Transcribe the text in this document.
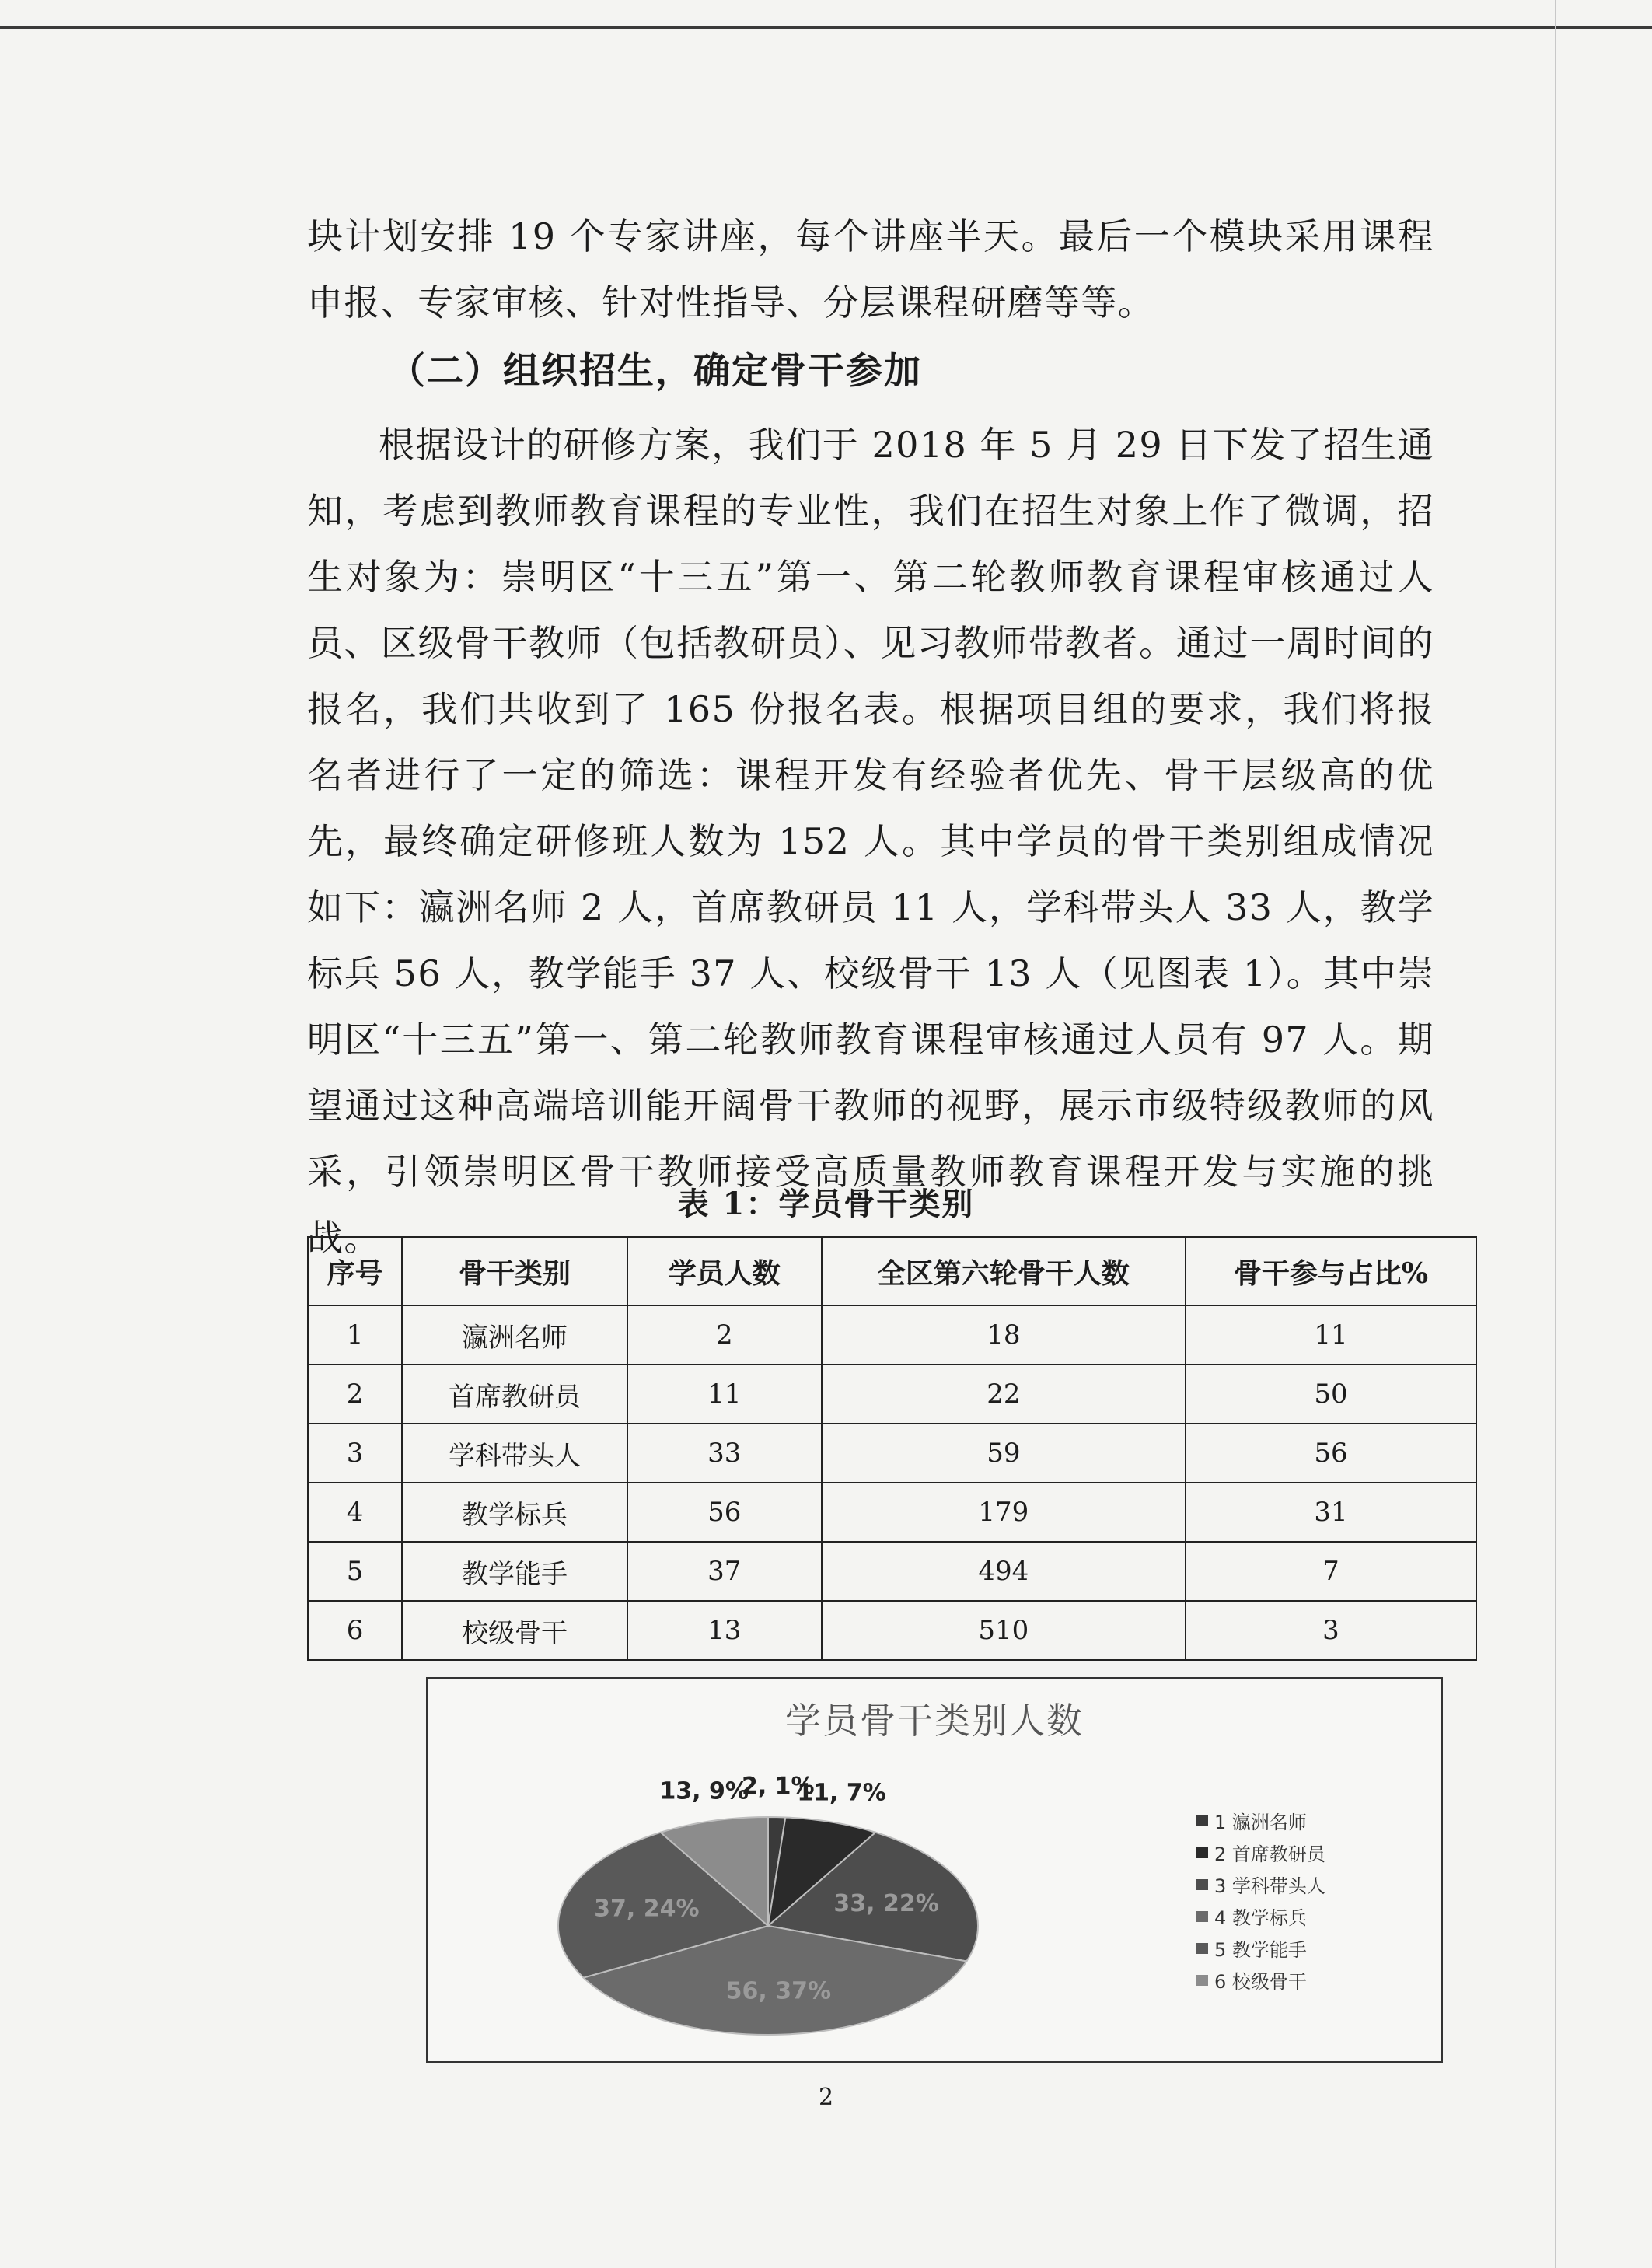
块计划安排 19 个专家讲座，每个讲座半天。最后一个模块采用课程申报、专家审核、针对性指导、分层课程研磨等等。

（二）组织招生，确定骨干参加

根据设计的研修方案，我们于 2018 年 5 月 29 日下发了招生通知，考虑到教师教育课程的专业性，我们在招生对象上作了微调，招生对象为：崇明区“十三五”第一、第二轮教师教育课程审核通过人员、区级骨干教师（包括教研员）、见习教师带教者。通过一周时间的报名，我们共收到了 165 份报名表。根据项目组的要求，我们将报名者进行了一定的筛选：课程开发有经验者优先、骨干层级高的优先，最终确定研修班人数为 152 人。其中学员的骨干类别组成情况如下：瀛洲名师 2 人，首席教研员 11 人，学科带头人 33 人，教学标兵 56 人，教学能手 37 人、校级骨干 13 人（见图表 1）。其中崇明区“十三五”第一、第二轮教师教育课程审核通过人员有 97 人。期望通过这种高端培训能开阔骨干教师的视野，展示市级特级教师的风采，引领崇明区骨干教师接受高质量教师教育课程开发与实施的挑战。

表 1：学员骨干类别
序号	骨干类别	学员人数	全区第六轮骨干人数	骨干参与占比%
1	瀛洲名师	2	18	11
2	首席教研员	11	22	50
3	学科带头人	33	59	56
4	教学标兵	56	179	31
5	教学能手	37	494	7
6	校级骨干	13	510	3
学员骨干类别人数
2, 1%
11, 7%
33, 22%
56, 37%
37, 24%
13, 9%
1 瀛洲名师
2 首席教研员
3 学科带头人
4 教学标兵
5 教学能手
6 校级骨干
2
